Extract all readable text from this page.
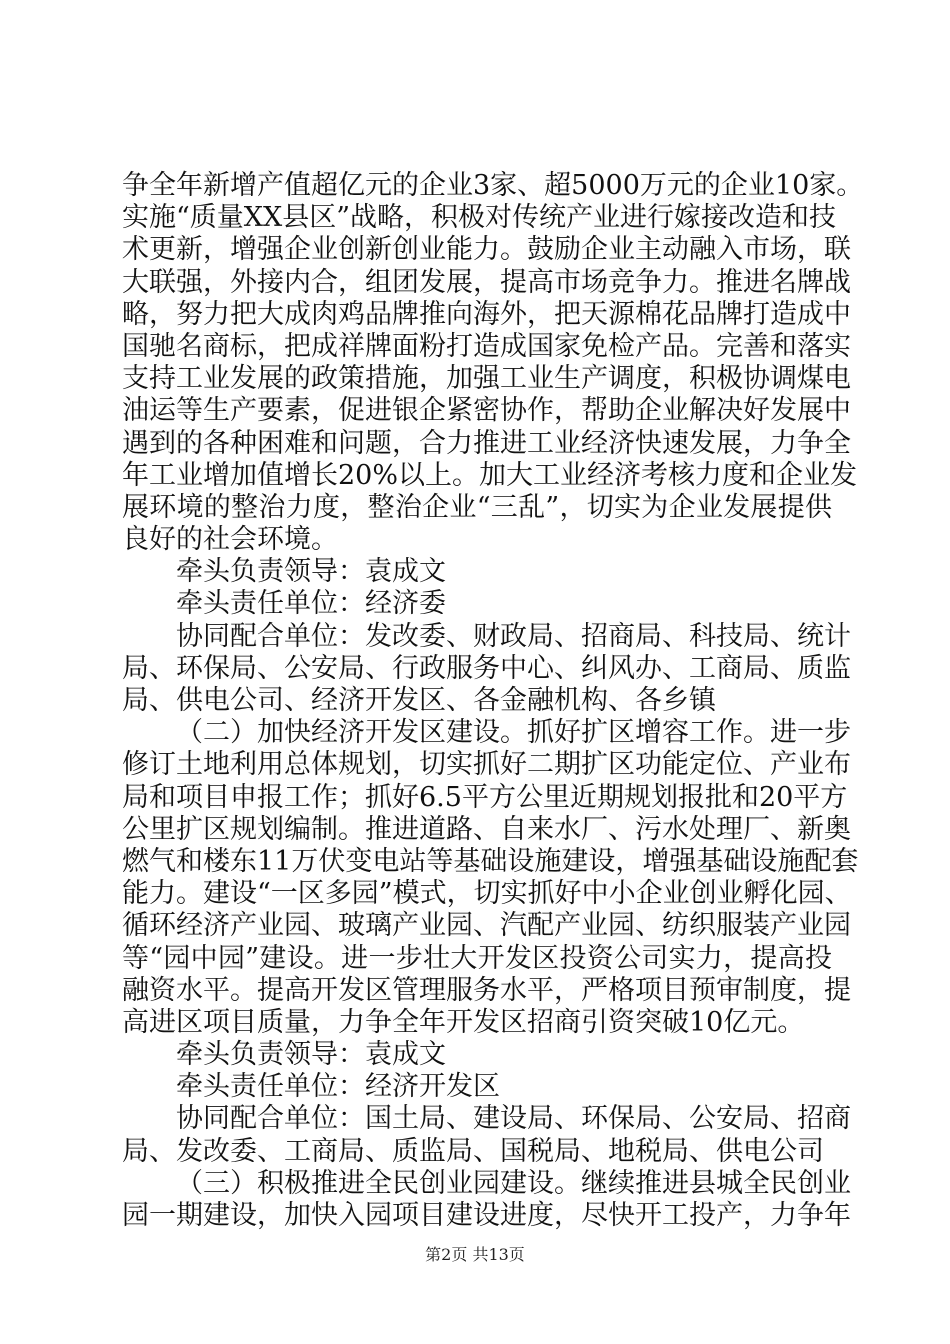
争全年新增产值超亿元的企业3家、超5000万元的企业10家。
实施“质量XX县区”战略，积极对传统产业进行嫁接改造和技
术更新，增强企业创新创业能力。鼓励企业主动融入市场，联
大联强，外接内合，组团发展，提高市场竞争力。推进名牌战
略，努力把大成肉鸡品牌推向海外，把天源棉花品牌打造成中
国驰名商标，把成祥牌面粉打造成国家免检产品。完善和落实
支持工业发展的政策措施，加强工业生产调度，积极协调煤电
油运等生产要素，促进银企紧密协作，帮助企业解决好发展中
遇到的各种困难和问题，合力推进工业经济快速发展，力争全
年工业增加值增长20%以上。加大工业经济考核力度和企业发
展环境的整治力度，整治企业“三乱”，切实为企业发展提供
良好的社会环境。
牵头负责领导：袁成文
牵头责任单位：经济委
协同配合单位：发改委、财政局、招商局、科技局、统计
局、环保局、公安局、行政服务中心、纠风办、工商局、质监
局、供电公司、经济开发区、各金融机构、各乡镇
（二）加快经济开发区建设。抓好扩区增容工作。进一步
修订土地利用总体规划，切实抓好二期扩区功能定位、产业布
局和项目申报工作；抓好6.5平方公里近期规划报批和20平方
公里扩区规划编制。推进道路、自来水厂、污水处理厂、新奥
燃气和楼东11万伏变电站等基础设施建设，增强基础设施配套
能力。建设“一区多园”模式，切实抓好中小企业创业孵化园、
循环经济产业园、玻璃产业园、汽配产业园、纺织服装产业园
等“园中园”建设。进一步壮大开发区投资公司实力，提高投
融资水平。提高开发区管理服务水平，严格项目预审制度，提
高进区项目质量，力争全年开发区招商引资突破10亿元。
牵头负责领导：袁成文
牵头责任单位：经济开发区
协同配合单位：国土局、建设局、环保局、公安局、招商
局、发改委、工商局、质监局、国税局、地税局、供电公司
（三）积极推进全民创业园建设。继续推进县城全民创业
园一期建设，加快入园项目建设进度，尽快开工投产，力争年
第2页 共13页
